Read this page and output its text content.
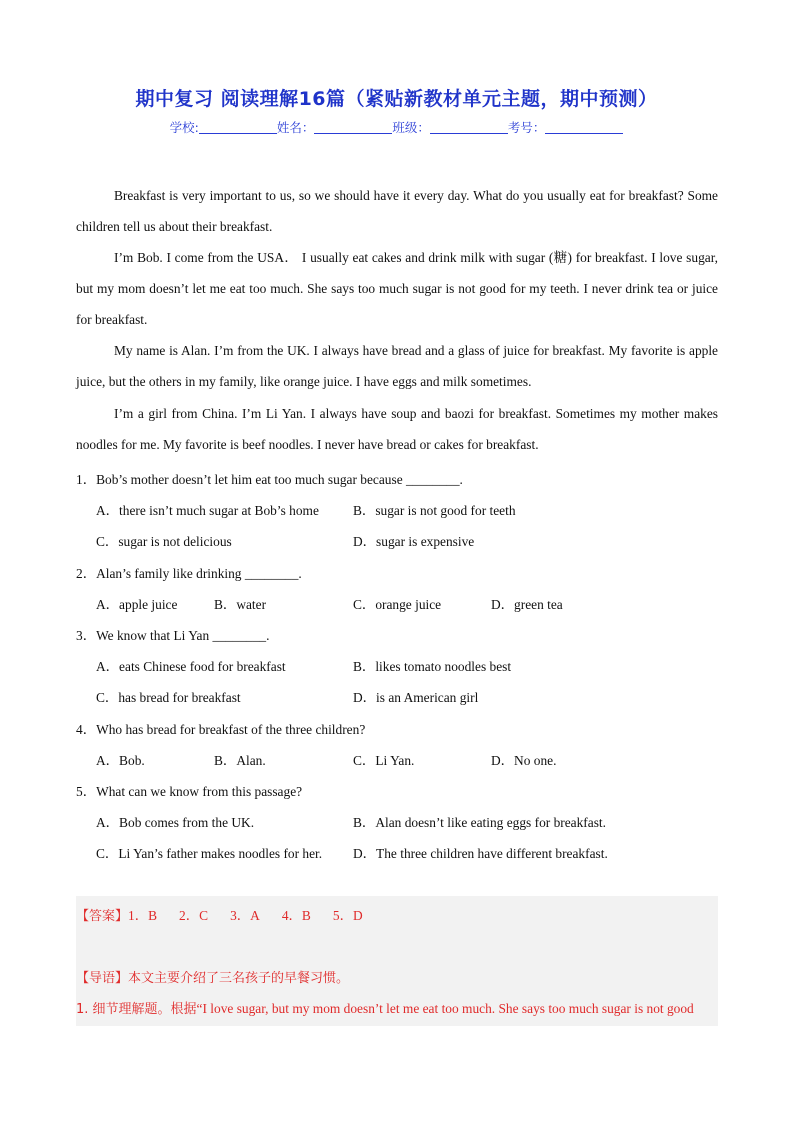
期中复习 阅读理解16篇（紧贴新教材单元主题，期中预测）
学校:	姓名：	班级：	考号：
Breakfast is very important to us, so we should have it every day. What do you usually eat for breakfast? Some children tell us about their breakfast.
I’m Bob. I come from the USA． I usually eat cakes and drink milk with sugar (糖) for breakfast. I love sugar, but my mom doesn’t let me eat too much. She says too much sugar is not good for my teeth. I never drink tea or juice for breakfast.
My name is Alan. I’m from the UK. I always have bread and a glass of juice for breakfast. My favorite is apple juice, but the others in my family, like orange juice. I have eggs and milk sometimes.
I’m a girl from China. I’m Li Yan. I always have soup and baozi for breakfast. Sometimes my mother makes noodles for me. My favorite is beef noodles. I never have bread or cakes for breakfast.
1．Bob’s mother doesn’t let him eat too much sugar because ________.
A．there isn’t much sugar at Bob’s home	B．sugar is not good for teeth
C．sugar is not delicious	D．sugar is expensive
2．Alan’s family like drinking ________.
A．apple juice	B．water	C．orange juice	D．green tea
3．We know that Li Yan ________.
A．eats Chinese food for breakfast	B．likes tomato noodles best
C．has bread for breakfast	D．is an American girl
4．Who has bread for breakfast of the three children?
A．Bob.	B．Alan.	C．Li Yan.	D．No one.
5．What can we know from this passage?
A．Bob comes from the UK.	B．Alan doesn’t like eating eggs for breakfast.
C．Li Yan’s father makes noodles for her. D．The three children have different breakfast.
【答案】1．B 2．C 3．A 4．B 5．D
【导语】本文主要介绍了三名孩子的早餐习惯。
1. 细节理解题。根据“I love sugar, but my mom doesn’t let me eat too much. She says too much sugar is not good
